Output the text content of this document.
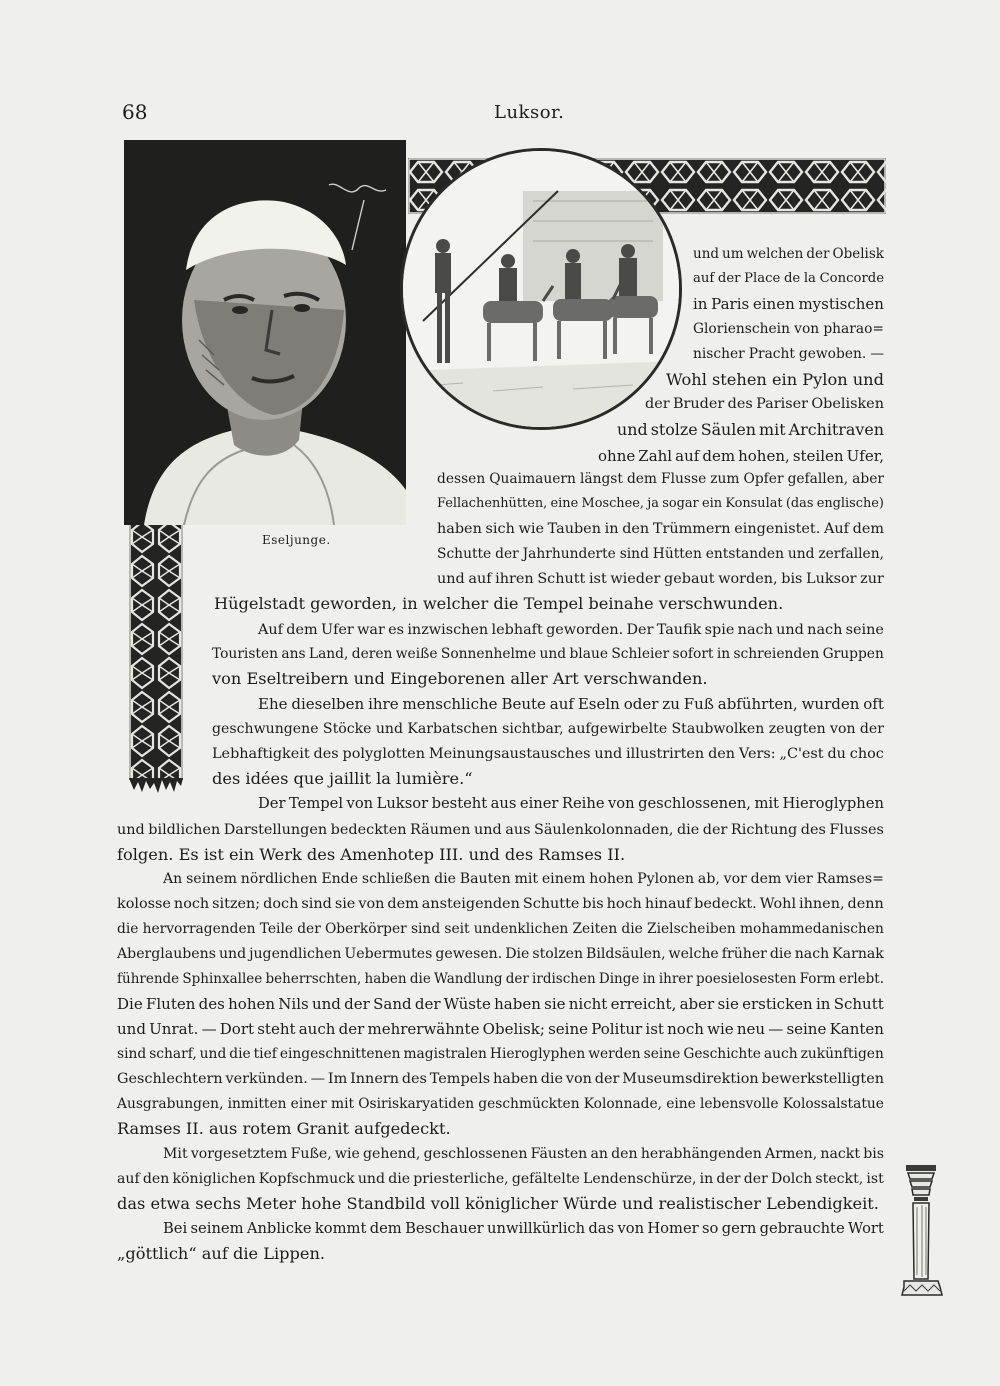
68	Luksor.
Eseljunge.
und um welchen der Obelisk
auf der Place de la Concorde
in Paris einen mystischen
Glorienschein von pharao=
nischer Pracht gewoben. —
Wohl stehen ein Pylon und
der Bruder des Pariser Obelisken
und stolze Säulen mit Architraven
ohne Zahl auf dem hohen, steilen Ufer,
dessen Quaimauern längst dem Flusse zum Opfer gefallen, aber
Fellachenhütten, eine Moschee, ja sogar ein Konsulat (das englische)
haben sich wie Tauben in den Trümmern eingenistet. Auf dem
Schutte der Jahrhunderte sind Hütten entstanden und zerfallen,
und auf ihren Schutt ist wieder gebaut worden, bis Luksor zur
Hügelstadt geworden, in welcher die Tempel beinahe verschwunden.
Auf dem Ufer war es inzwischen lebhaft geworden. Der Taufik spie nach und nach seine
Touristen ans Land, deren weiße Sonnenhelme und blaue Schleier sofort in schreienden Gruppen
von Eseltreibern und Eingeborenen aller Art verschwanden.
Ehe dieselben ihre menschliche Beute auf Eseln oder zu Fuß abführten, wurden oft
geschwungene Stöcke und Karbatschen sichtbar, aufgewirbelte Staubwolken zeugten von der
Lebhaftigkeit des polyglotten Meinungsaustausches und illustrirten den Vers: „C'est du choc
des idées que jaillit la lumière.“
Der Tempel von Luksor besteht aus einer Reihe von geschlossenen, mit Hieroglyphen
und bildlichen Darstellungen bedeckten Räumen und aus Säulenkolonnaden, die der Richtung des Flusses
folgen. Es ist ein Werk des Amenhotep III. und des Ramses II.
An seinem nördlichen Ende schließen die Bauten mit einem hohen Pylonen ab, vor dem vier Ramses=
kolosse noch sitzen; doch sind sie von dem ansteigenden Schutte bis hoch hinauf bedeckt. Wohl ihnen, denn
die hervorragenden Teile der Oberkörper sind seit undenklichen Zeiten die Zielscheiben mohammedanischen
Aberglaubens und jugendlichen Uebermutes gewesen. Die stolzen Bildsäulen, welche früher die nach Karnak
führende Sphinxallee beherrschten, haben die Wandlung der irdischen Dinge in ihrer poesielosesten Form erlebt.
Die Fluten des hohen Nils und der Sand der Wüste haben sie nicht erreicht, aber sie ersticken in Schutt
und Unrat. — Dort steht auch der mehrerwähnte Obelisk; seine Politur ist noch wie neu — seine Kanten
sind scharf, und die tief eingeschnittenen magistralen Hieroglyphen werden seine Geschichte auch zukünftigen
Geschlechtern verkünden. — Im Innern des Tempels haben die von der Museumsdirektion bewerkstelligten
Ausgrabungen, inmitten einer mit Osiriskaryatiden geschmückten Kolonnade, eine lebensvolle Kolossalstatue
Ramses II. aus rotem Granit aufgedeckt.
Mit vorgesetztem Fuße, wie gehend, geschlossenen Fäusten an den herabhängenden Armen, nackt bis
auf den königlichen Kopfschmuck und die priesterliche, gefältelte Lendenschürze, in der der Dolch steckt, ist
das etwa sechs Meter hohe Standbild voll königlicher Würde und realistischer Lebendigkeit.
Bei seinem Anblicke kommt dem Beschauer unwillkürlich das von Homer so gern gebrauchte Wort
„göttlich“ auf die Lippen.
